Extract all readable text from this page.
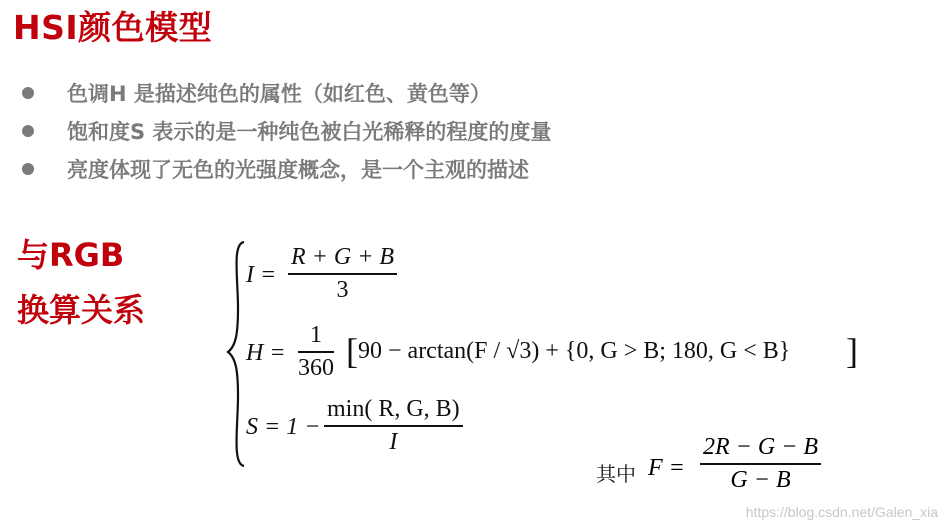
HSI颜色模型
色调H 是描述纯色的属性（如红色、黄色等）
饱和度S 表示的是一种纯色被白光稀释的程度的度量
亮度体现了无色的光强度概念，是一个主观的描述
与RGB
换算关系
I =
R + G + B
3
H =
1
360 [ 90 − arctan(F / √3) + {0, G > B; 180, G < B} ]
S = 1 −
min( R, G, B)
I
其中 F =
2R − G − B
G − B
https://blog.csdn.net/Galen_xia
